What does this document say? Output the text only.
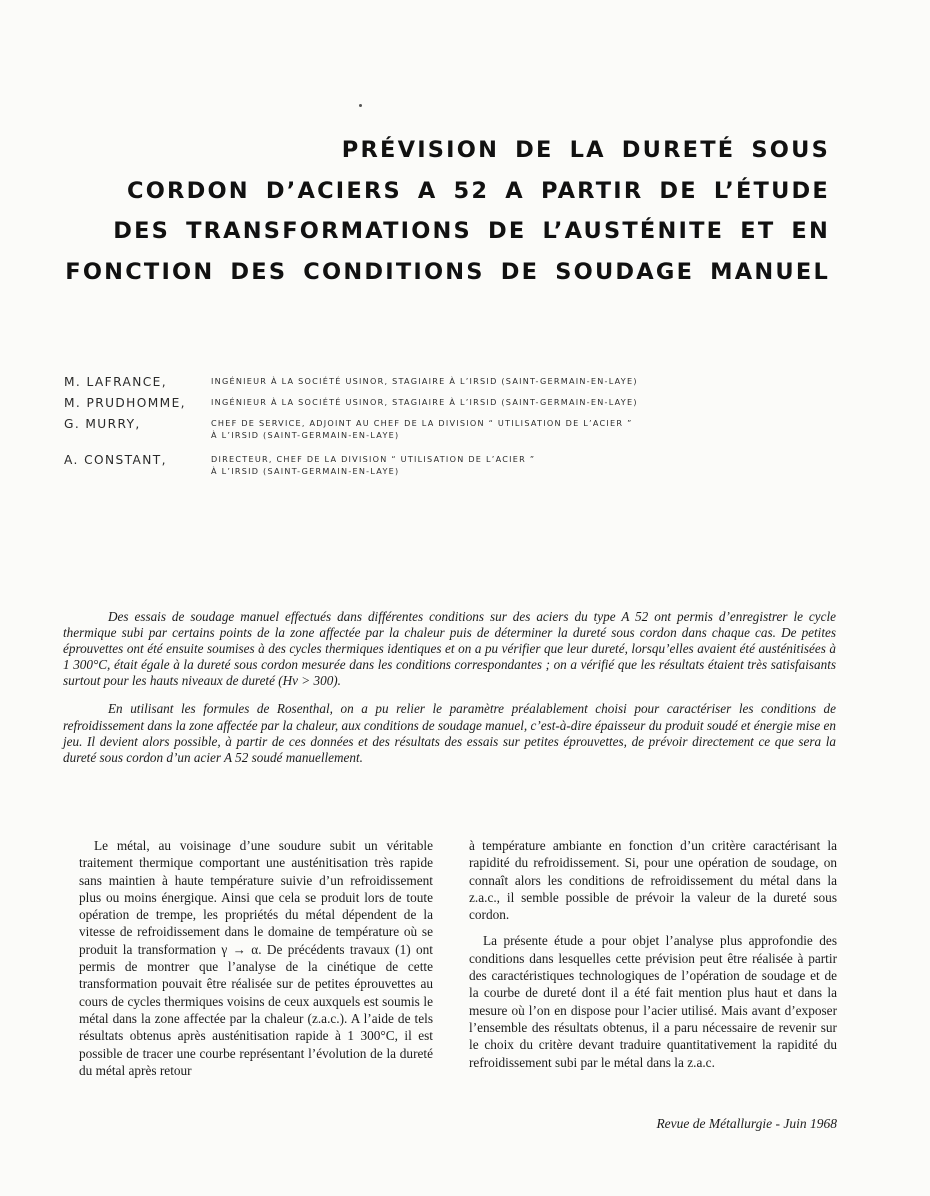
PRÉVISION DE LA DURETÉ SOUS
CORDON D’ACIERS A 52 A PARTIR DE L’ÉTUDE
DES TRANSFORMATIONS DE L’AUSTÉNITE ET EN
FONCTION DES CONDITIONS DE SOUDAGE MANUEL
M. LAFRANCE,	INGÉNIEUR À LA SOCIÉTÉ USINOR, STAGIAIRE À L’IRSID (SAINT-GERMAIN-EN-LAYE)
M. PRUDHOMME,	INGÉNIEUR À LA SOCIÉTÉ USINOR, STAGIAIRE À L’IRSID (SAINT-GERMAIN-EN-LAYE)
G. MURRY,	CHEF DE SERVICE, ADJOINT AU CHEF DE LA DIVISION “ UTILISATION DE L’ACIER ”
À L’IRSID (SAINT-GERMAIN-EN-LAYE)
A. CONSTANT,	DIRECTEUR, CHEF DE LA DIVISION “ UTILISATION DE L’ACIER ”
À L’IRSID (SAINT-GERMAIN-EN-LAYE)

Des essais de soudage manuel effectués dans différentes conditions sur des aciers du type A 52 ont permis d’enregistrer le cycle thermique subi par certains points de la zone affectée par la chaleur puis de déterminer la dureté sous cordon dans chaque cas. De petites éprouvettes ont été ensuite soumises à des cycles thermiques identiques et on a pu vérifier que leur dureté, lorsqu’elles avaient été austénitisées à 1 300°C, était égale à la dureté sous cordon mesurée dans les conditions correspondantes ; on a vérifié que les résultats étaient très satisfaisants surtout pour les hauts niveaux de dureté (Hv > 300).

En utilisant les formules de Rosenthal, on a pu relier le paramètre préalablement choisi pour caractériser les conditions de refroidissement dans la zone affectée par la chaleur, aux conditions de soudage manuel, c’est-à-dire épaisseur du produit soudé et énergie mise en jeu. Il devient alors possible, à partir de ces données et des résultats des essais sur petites éprouvettes, de prévoir directement ce que sera la dureté sous cordon d’un acier A 52 soudé manuellement.

Le métal, au voisinage d’une soudure subit un véritable traitement thermique comportant une austénitisation très rapide sans maintien à haute température suivie d’un refroidissement plus ou moins énergique. Ainsi que cela se produit lors de toute opération de trempe, les propriétés du métal dépendent de la vitesse de refroidissement dans le domaine de température où se produit la transformation γ → α. De précédents travaux (1) ont permis de montrer que l’analyse de la cinétique de cette transformation pouvait être réalisée sur de petites éprouvettes au cours de cycles thermiques voisins de ceux auxquels est soumis le métal dans la zone affectée par la chaleur (z.a.c.). A l’aide de tels résultats obtenus après austénitisation rapide à 1 300°C, il est possible de tracer une courbe représentant l’évolution de la dureté du métal après retour

à température ambiante en fonction d’un critère caractérisant la rapidité du refroidissement. Si, pour une opération de soudage, on connaît alors les conditions de refroidissement du métal dans la z.a.c., il semble possible de prévoir la valeur de la dureté sous cordon.

La présente étude a pour objet l’analyse plus approfondie des conditions dans lesquelles cette prévision peut être réalisée à partir des caractéristiques technologiques de l’opération de soudage et de la courbe de dureté dont il a été fait mention plus haut et dans la mesure où l’on en dispose pour l’acier utilisé. Mais avant d’exposer l’ensemble des résultats obtenus, il a paru nécessaire de revenir sur le choix du critère devant traduire quantitativement la rapidité du refroidissement subi par le métal dans la z.a.c.

Revue de Métallurgie - Juin 1968
